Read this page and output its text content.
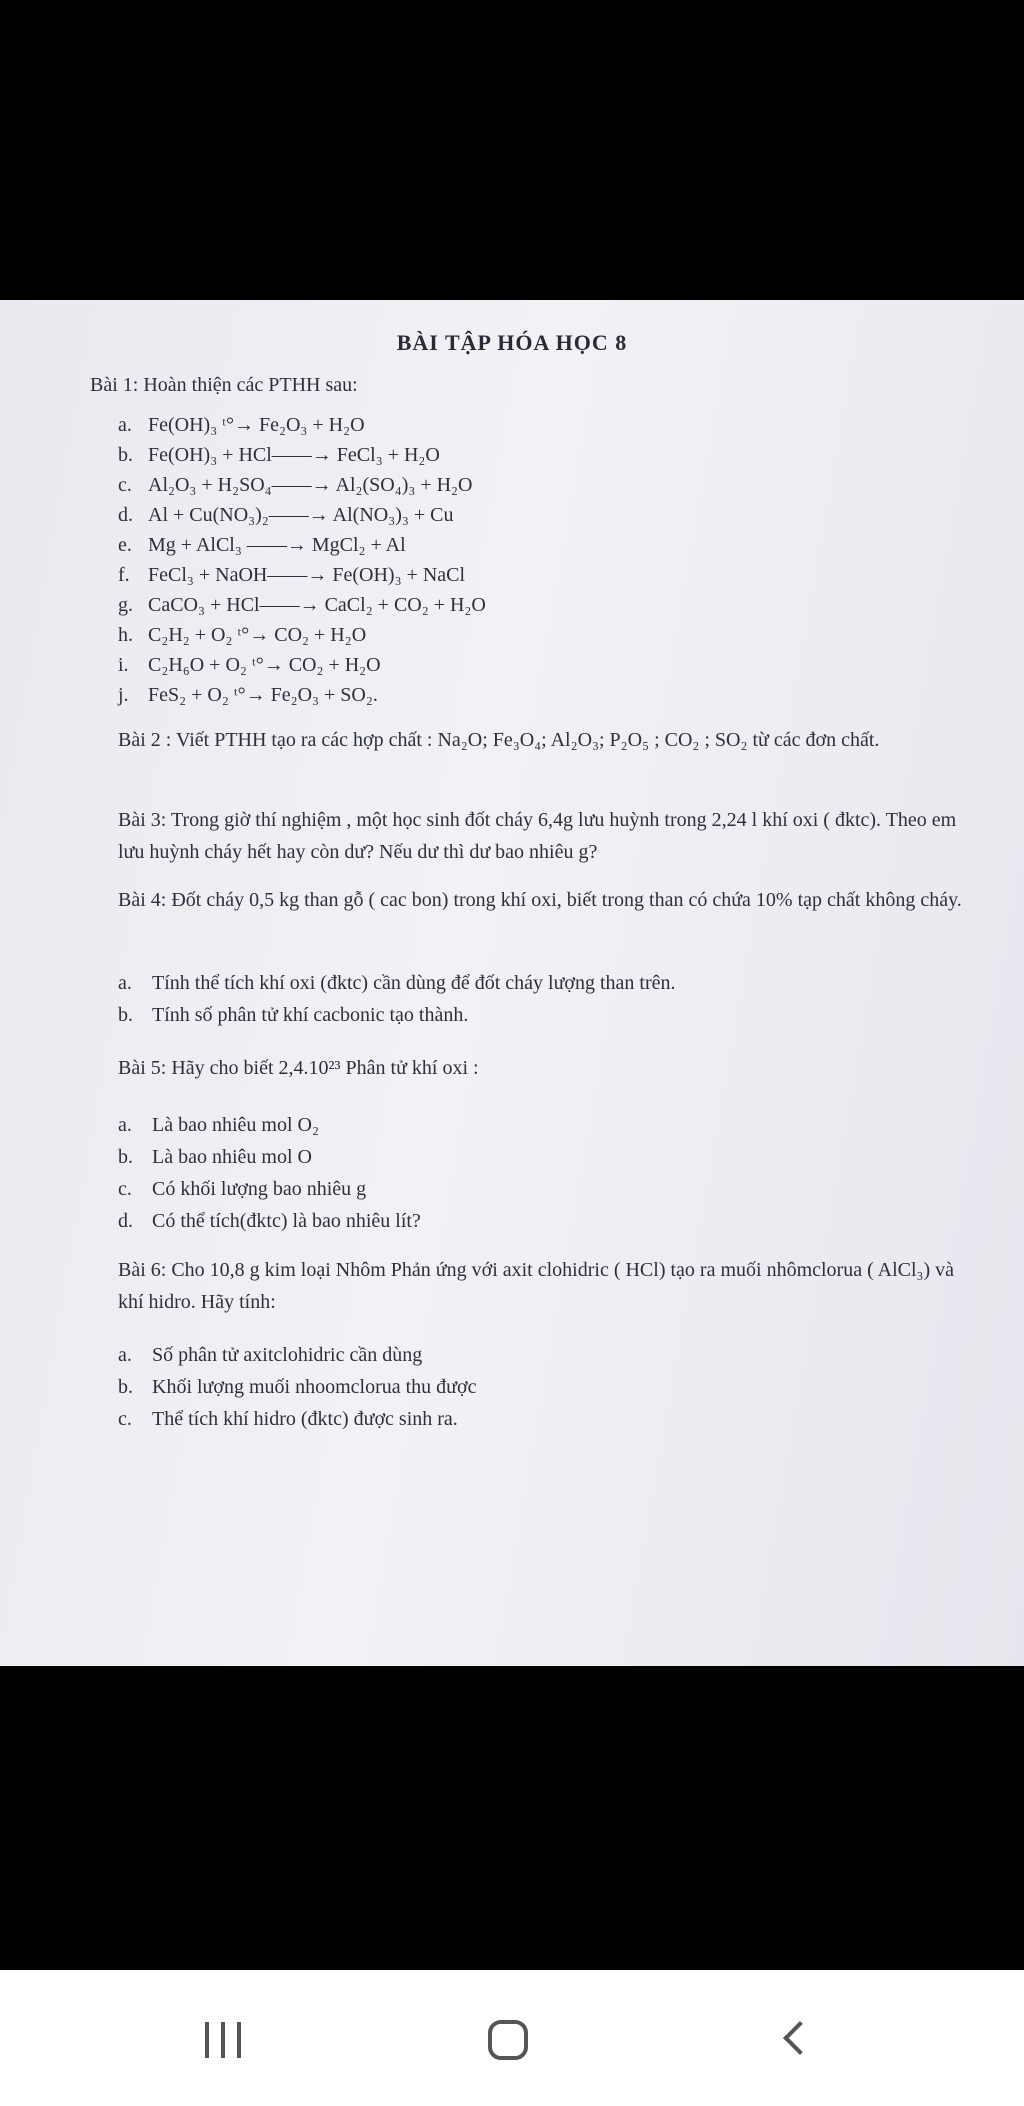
BÀI TẬP HÓA HỌC 8
Bài 1: Hoàn thiện các PTHH sau:
a. Fe(OH)₃ ᵗ°→ Fe₂O₃ + H₂O
b. Fe(OH)₃ + HCl——→ FeCl₃ + H₂O
c. Al₂O₃ + H₂SO₄——→ Al₂(SO₄)₃ + H₂O
d. Al + Cu(NO₃)₂——→ Al(NO₃)₃ + Cu
e. Mg + AlCl₃ ——→ MgCl₂ + Al
f. FeCl₃ + NaOH——→ Fe(OH)₃ + NaCl
g. CaCO₃ + HCl——→ CaCl₂ + CO₂ + H₂O
h. C₂H₂ + O₂ ᵗ°→ CO₂ + H₂O
i. C₂H₆O + O₂ ᵗ°→ CO₂ + H₂O
j. FeS₂ + O₂ ᵗ°→ Fe₂O₃ + SO₂.
Bài 2 : Viết PTHH tạo ra các hợp chất : Na₂O; Fe₃O₄; Al₂O₃; P₂O₅ ; CO₂ ; SO₂ từ các đơn chất.
Bài 3: Trong giờ thí nghiệm , một học sinh đốt cháy 6,4g lưu huỳnh trong 2,24 l khí oxi ( đktc). Theo em lưu huỳnh cháy hết hay còn dư? Nếu dư thì dư bao nhiêu g?
Bài 4: Đốt cháy 0,5 kg than gỗ ( cac bon) trong khí oxi, biết trong than có chứa 10% tạp chất không cháy.
a. Tính thể tích khí oxi (đktc) cần dùng để đốt cháy lượng than trên.
b. Tính số phân tử khí cacbonic tạo thành.
Bài 5: Hãy cho biết 2,4.10²³ Phân tử khí oxi :
a. Là bao nhiêu mol O₂
b. Là bao nhiêu mol O
c. Có khối lượng bao nhiêu g
d. Có thể tích(đktc) là bao nhiêu lít?
Bài 6: Cho 10,8 g kim loại Nhôm Phản ứng với axit clohidric ( HCl) tạo ra muối nhômclorua ( AlCl₃) và khí hidro. Hãy tính:
a. Số phân tử axitclohidric cần dùng
b. Khối lượng muối nhoomclorua thu được
c. Thể tích khí hidro (đktc) được sinh ra.
